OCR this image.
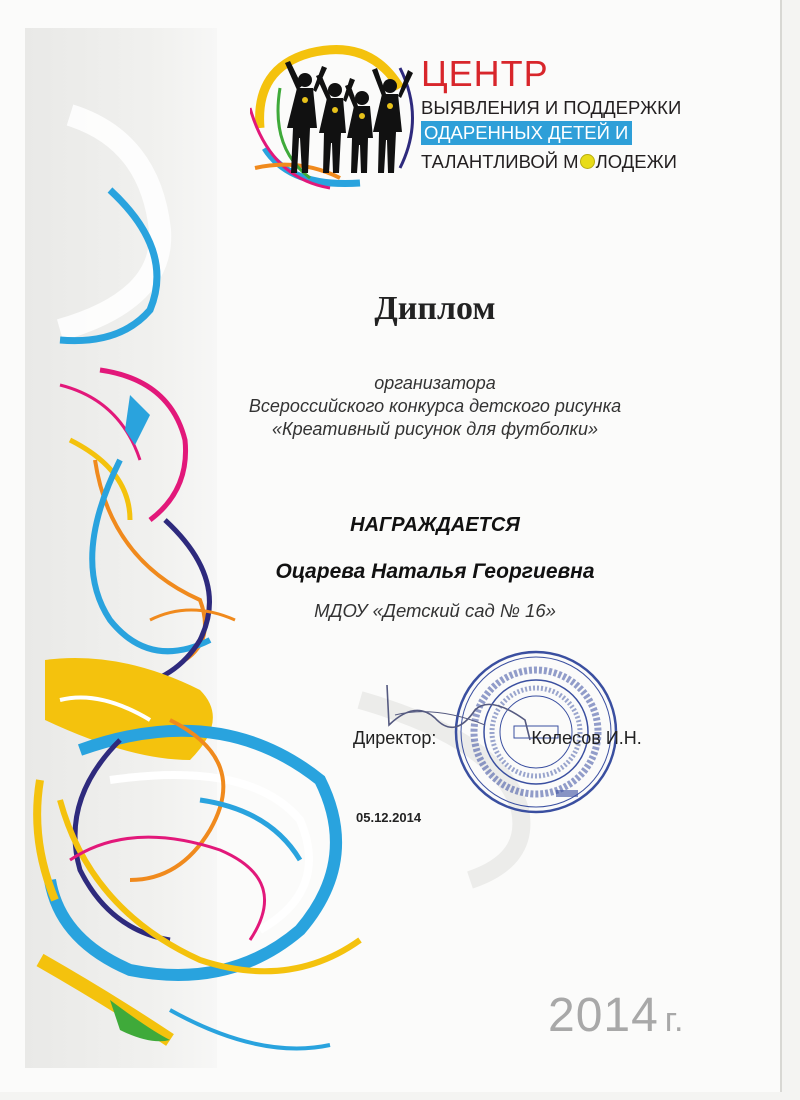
ЦЕНТР
ВЫЯВЛЕНИЯ И ПОДДЕРЖКИ
ОДАРЕННЫХ ДЕТЕЙ И
ТАЛАНТЛИВОЙ М ЛОДЕЖИ
Диплом
организатора
Всероссийского конкурса детского рисунка
«Креативный рисунок для футболки»
НАГРАЖДАЕТСЯ
Оцарева Наталья Георгиевна
МДОУ «Детский сад № 16»
Директор:	Колесов И.Н.
05.12.2014
2014 г.
